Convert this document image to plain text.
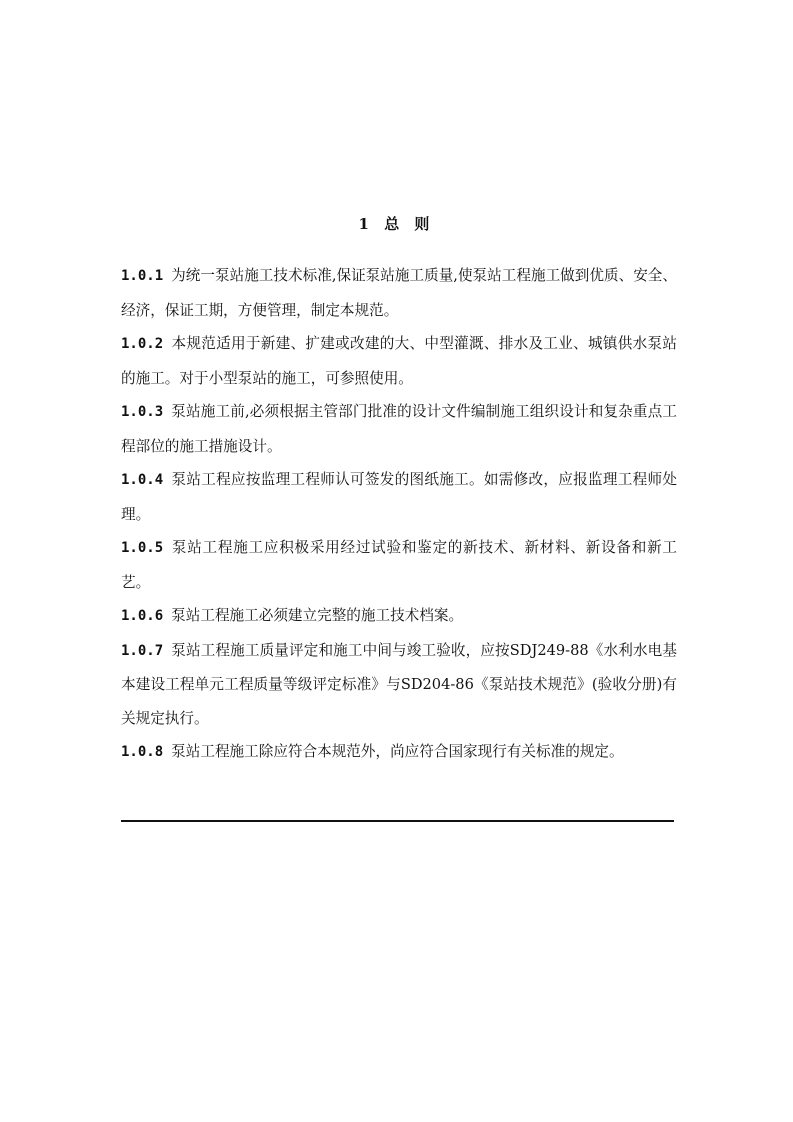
1 总 则

1.0.1 为统一泵站施工技术标准,保证泵站施工质量,使泵站工程施工做到优质、安全、经济，保证工期，方便管理，制定本规范。

1.0.2 本规范适用于新建、扩建或改建的大、中型灌溉、排水及工业、城镇供水泵站的施工。对于小型泵站的施工，可参照使用。

1.0.3 泵站施工前,必须根据主管部门批准的设计文件编制施工组织设计和复杂重点工程部位的施工措施设计。

1.0.4 泵站工程应按监理工程师认可签发的图纸施工。如需修改，应报监理工程师处理。

1.0.5 泵站工程施工应积极采用经过试验和鉴定的新技术、新材料、新设备和新工艺。

1.0.6 泵站工程施工必须建立完整的施工技术档案。

1.0.7 泵站工程施工质量评定和施工中间与竣工验收，应按SDJ249-88《水利水电基本建设工程单元工程质量等级评定标准》与SD204-86《泵站技术规范》(验收分册)有关规定执行。

1.0.8 泵站工程施工除应符合本规范外，尚应符合国家现行有关标准的规定。
